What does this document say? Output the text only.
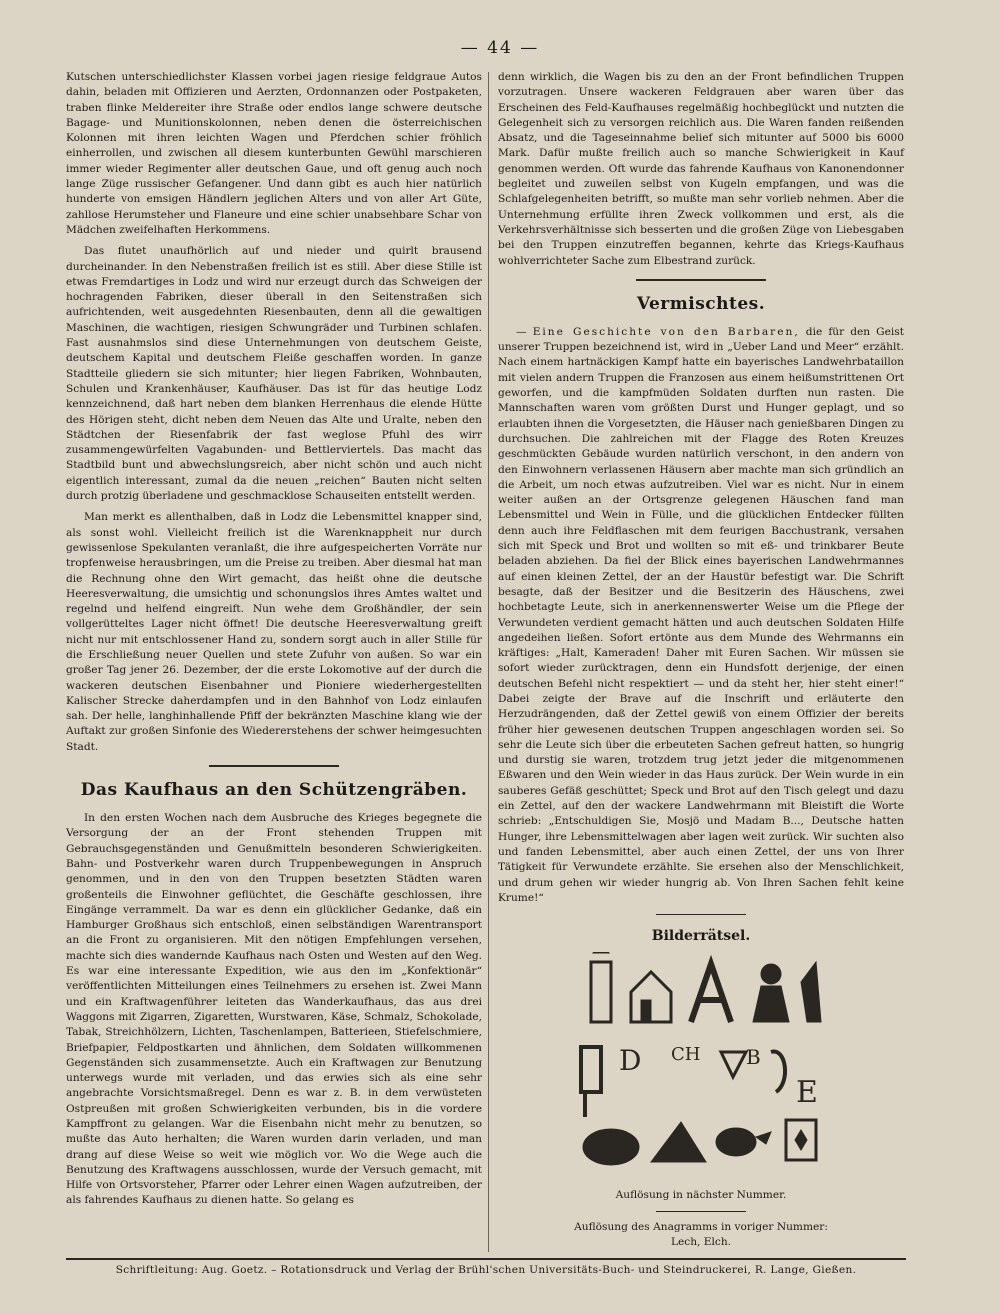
— 44 —

Kutschen unterschiedlichster Klassen vorbei jagen riesige feldgraue Autos dahin, beladen mit Offizieren und Aerzten, Ordonnanzen oder Postpaketen, traben flinke Meldereiter ihre Straße oder endlos lange schwere deutsche Bagage- und Munitionskolonnen, neben denen die österreichischen Kolonnen mit ihren leichten Wagen und Pferdchen schier fröhlich einherrollen, und zwischen all diesem kunterbunten Gewühl marschieren immer wieder Regimenter aller deutschen Gaue, und oft genug auch noch lange Züge russischer Gefangener. Und dann gibt es auch hier natürlich hunderte von emsigen Händlern jeglichen Alters und von aller Art Güte, zahllose Herumsteher und Flaneure und eine schier unabsehbare Schar von Mädchen zweifelhaften Herkommens.

Das flutet unaufhörlich auf und nieder und quirlt brausend durcheinander. In den Nebenstraßen freilich ist es still. Aber diese Stille ist etwas Fremdartiges in Lodz und wird nur erzeugt durch das Schweigen der hochragenden Fabriken, dieser überall in den Seitenstraßen sich aufrichtenden, weit ausgedehnten Riesenbauten, denn all die gewaltigen Maschinen, die wachtigen, riesigen Schwungräder und Turbinen schlafen. Fast ausnahmslos sind diese Unternehmungen von deutschem Geiste, deutschem Kapital und deutschem Fleiße geschaffen worden. In ganze Stadtteile gliedern sie sich mitunter; hier liegen Fabriken, Wohnbauten, Schulen und Krankenhäuser, Kaufhäuser. Das ist für das heutige Lodz kennzeichnend, daß hart neben dem blanken Herrenhaus die elende Hütte des Hörigen steht, dicht neben dem Neuen das Alte und Uralte, neben den Städtchen der Riesenfabrik der fast weglose Pfuhl des wirr zusammengewürfelten Vagabunden- und Bettlerviertels. Das macht das Stadtbild bunt und abwechslungsreich, aber nicht schön und auch nicht eigentlich interessant, zumal da die neuen „reichen“ Bauten nicht selten durch protzig überladene und geschmacklose Schauseiten entstellt werden.

Man merkt es allenthalben, daß in Lodz die Lebensmittel knapper sind, als sonst wohl. Vielleicht freilich ist die Warenknappheit nur durch gewissenlose Spekulanten veranlaßt, die ihre aufgespeicherten Vorräte nur tropfenweise herausbringen, um die Preise zu treiben. Aber diesmal hat man die Rechnung ohne den Wirt gemacht, das heißt ohne die deutsche Heeresverwaltung, die umsichtig und schonungslos ihres Amtes waltet und regelnd und helfend eingreift. Nun wehe dem Großhändler, der sein vollgerütteltes Lager nicht öffnet! Die deutsche Heeresverwaltung greift nicht nur mit entschlossener Hand zu, sondern sorgt auch in aller Stille für die Erschließung neuer Quellen und stete Zufuhr von außen. So war ein großer Tag jener 26. Dezember, der die erste Lokomotive auf der durch die wackeren deutschen Eisenbahner und Pioniere wiederhergestellten Kalischer Strecke daherdampfen und in den Bahnhof von Lodz einlaufen sah. Der helle, langhinhallende Pfiff der bekränzten Maschine klang wie der Auftakt zur großen Sinfonie des Wiedererstehens der schwer heimgesuchten Stadt.

Das Kaufhaus an den Schützengräben.

In den ersten Wochen nach dem Ausbruche des Krieges begegnete die Versorgung der an der Front stehenden Truppen mit Gebrauchsgegenständen und Genußmitteln besonderen Schwierigkeiten. Bahn- und Postverkehr waren durch Truppenbewegungen in Anspruch genommen, und in den von den Truppen besetzten Städten waren großenteils die Einwohner geflüchtet, die Geschäfte geschlossen, ihre Eingänge verrammelt. Da war es denn ein glücklicher Gedanke, daß ein Hamburger Großhaus sich entschloß, einen selbständigen Warentransport an die Front zu organisieren. Mit den nötigen Empfehlungen versehen, machte sich dies wandernde Kaufhaus nach Osten und Westen auf den Weg. Es war eine interessante Expedition, wie aus den im „Konfektionär“ veröffentlichten Mitteilungen eines Teilnehmers zu ersehen ist. Zwei Mann und ein Kraftwagenführer leiteten das Wanderkaufhaus, das aus drei Waggons mit Zigarren, Zigaretten, Wurstwaren, Käse, Schmalz, Schokolade, Tabak, Streichhölzern, Lichten, Taschenlampen, Batterieen, Stiefelschmiere, Briefpapier, Feldpostkarten und ähnlichen, dem Soldaten willkommenen Gegenständen sich zusammensetzte. Auch ein Kraftwagen zur Benutzung unterwegs wurde mit verladen, und das erwies sich als eine sehr angebrachte Vorsichtsmaßregel. Denn es war z. B. in dem verwüsteten Ostpreußen mit großen Schwierigkeiten verbunden, bis in die vordere Kampffront zu gelangen. War die Eisenbahn nicht mehr zu benutzen, so mußte das Auto herhalten; die Waren wurden darin verladen, und man drang auf diese Weise so weit wie möglich vor. Wo die Wege auch die Benutzung des Kraftwagens ausschlossen, wurde der Versuch gemacht, mit Hilfe von Ortsvorsteher, Pfarrer oder Lehrer einen Wagen aufzutreiben, der als fahrendes Kaufhaus zu dienen hatte. So gelang es

denn wirklich, die Wagen bis zu den an der Front befindlichen Truppen vorzutragen. Unsere wackeren Feldgrauen aber waren über das Erscheinen des Feld-Kaufhauses regelmäßig hochbeglückt und nutzten die Gelegenheit sich zu versorgen reichlich aus. Die Waren fanden reißenden Absatz, und die Tageseinnahme belief sich mitunter auf 5000 bis 6000 Mark. Dafür mußte freilich auch so manche Schwierigkeit in Kauf genommen werden. Oft wurde das fahrende Kaufhaus von Kanonendonner begleitet und zuweilen selbst von Kugeln empfangen, und was die Schlafgelegenheiten betrifft, so mußte man sehr vorlieb nehmen. Aber die Unternehmung erfüllte ihren Zweck vollkommen und erst, als die Verkehrsverhältnisse sich besserten und die großen Züge von Liebesgaben bei den Truppen einzutreffen begannen, kehrte das Kriegs-Kaufhaus wohlverrichteter Sache zum Elbestrand zurück.

Vermischtes.

— Eine Geschichte von den Barbaren, die für den Geist unserer Truppen bezeichnend ist, wird in „Ueber Land und Meer“ erzählt. Nach einem hartnäckigen Kampf hatte ein bayerisches Landwehrbataillon mit vielen andern Truppen die Franzosen aus einem heißumstrittenen Ort geworfen, und die kampfmüden Soldaten durften nun rasten. Die Mannschaften waren vom größten Durst und Hunger geplagt, und so erlaubten ihnen die Vorgesetzten, die Häuser nach genießbaren Dingen zu durchsuchen. Die zahlreichen mit der Flagge des Roten Kreuzes geschmückten Gebäude wurden natürlich verschont, in den andern von den Einwohnern verlassenen Häusern aber machte man sich gründlich an die Arbeit, um noch etwas aufzutreiben. Viel war es nicht. Nur in einem weiter außen an der Ortsgrenze gelegenen Häuschen fand man Lebensmittel und Wein in Fülle, und die glücklichen Entdecker füllten denn auch ihre Feldflaschen mit dem feurigen Bacchustrank, versahen sich mit Speck und Brot und wollten so mit eß- und trinkbarer Beute beladen abziehen. Da fiel der Blick eines bayerischen Landwehrmannes auf einen kleinen Zettel, der an der Haustür befestigt war. Die Schrift besagte, daß der Besitzer und die Besitzerin des Häuschens, zwei hochbetagte Leute, sich in anerkennenswerter Weise um die Pflege der Verwundeten verdient gemacht hätten und auch deutschen Soldaten Hilfe angedeihen ließen. Sofort ertönte aus dem Munde des Wehrmanns ein kräftiges: „Halt, Kameraden! Daher mit Euren Sachen. Wir müssen sie sofort wieder zurücktragen, denn ein Hundsfott derjenige, der einen deutschen Befehl nicht respektiert — und da steht her, hier steht einer!“ Dabei zeigte der Brave auf die Inschrift und erläuterte den Herzudrängenden, daß der Zettel gewiß von einem Offizier der bereits früher hier gewesenen deutschen Truppen angeschlagen worden sei. So sehr die Leute sich über die erbeuteten Sachen gefreut hatten, so hungrig und durstig sie waren, trotzdem trug jetzt jeder die mitgenommenen Eßwaren und den Wein wieder in das Haus zurück. Der Wein wurde in ein sauberes Gefäß geschüttet; Speck und Brot auf den Tisch gelegt und dazu ein Zettel, auf den der wackere Landwehrmann mit Bleistift die Worte schrieb: „Entschuldigen Sie, Mosjö und Madam B..., Deutsche hatten Hunger, ihre Lebensmittelwagen aber lagen weit zurück. Wir suchten also und fanden Lebensmittel, aber auch einen Zettel, der uns von Ihrer Tätigkeit für Verwundete erzählte. Sie ersehen also der Menschlichkeit, und drum gehen wir wieder hungrig ab. Von Ihren Sachen fehlt keine Krume!“

Bilderrätsel.
D CH B
E
Auflösung in nächster Nummer.
Auflösung des Anagramms in voriger Nummer:
Lech, Elch.
Schriftleitung: Aug. Goetz. – Rotationsdruck und Verlag der Brühl'schen Universitäts-Buch- und Steindruckerei, R. Lange, Gießen.
